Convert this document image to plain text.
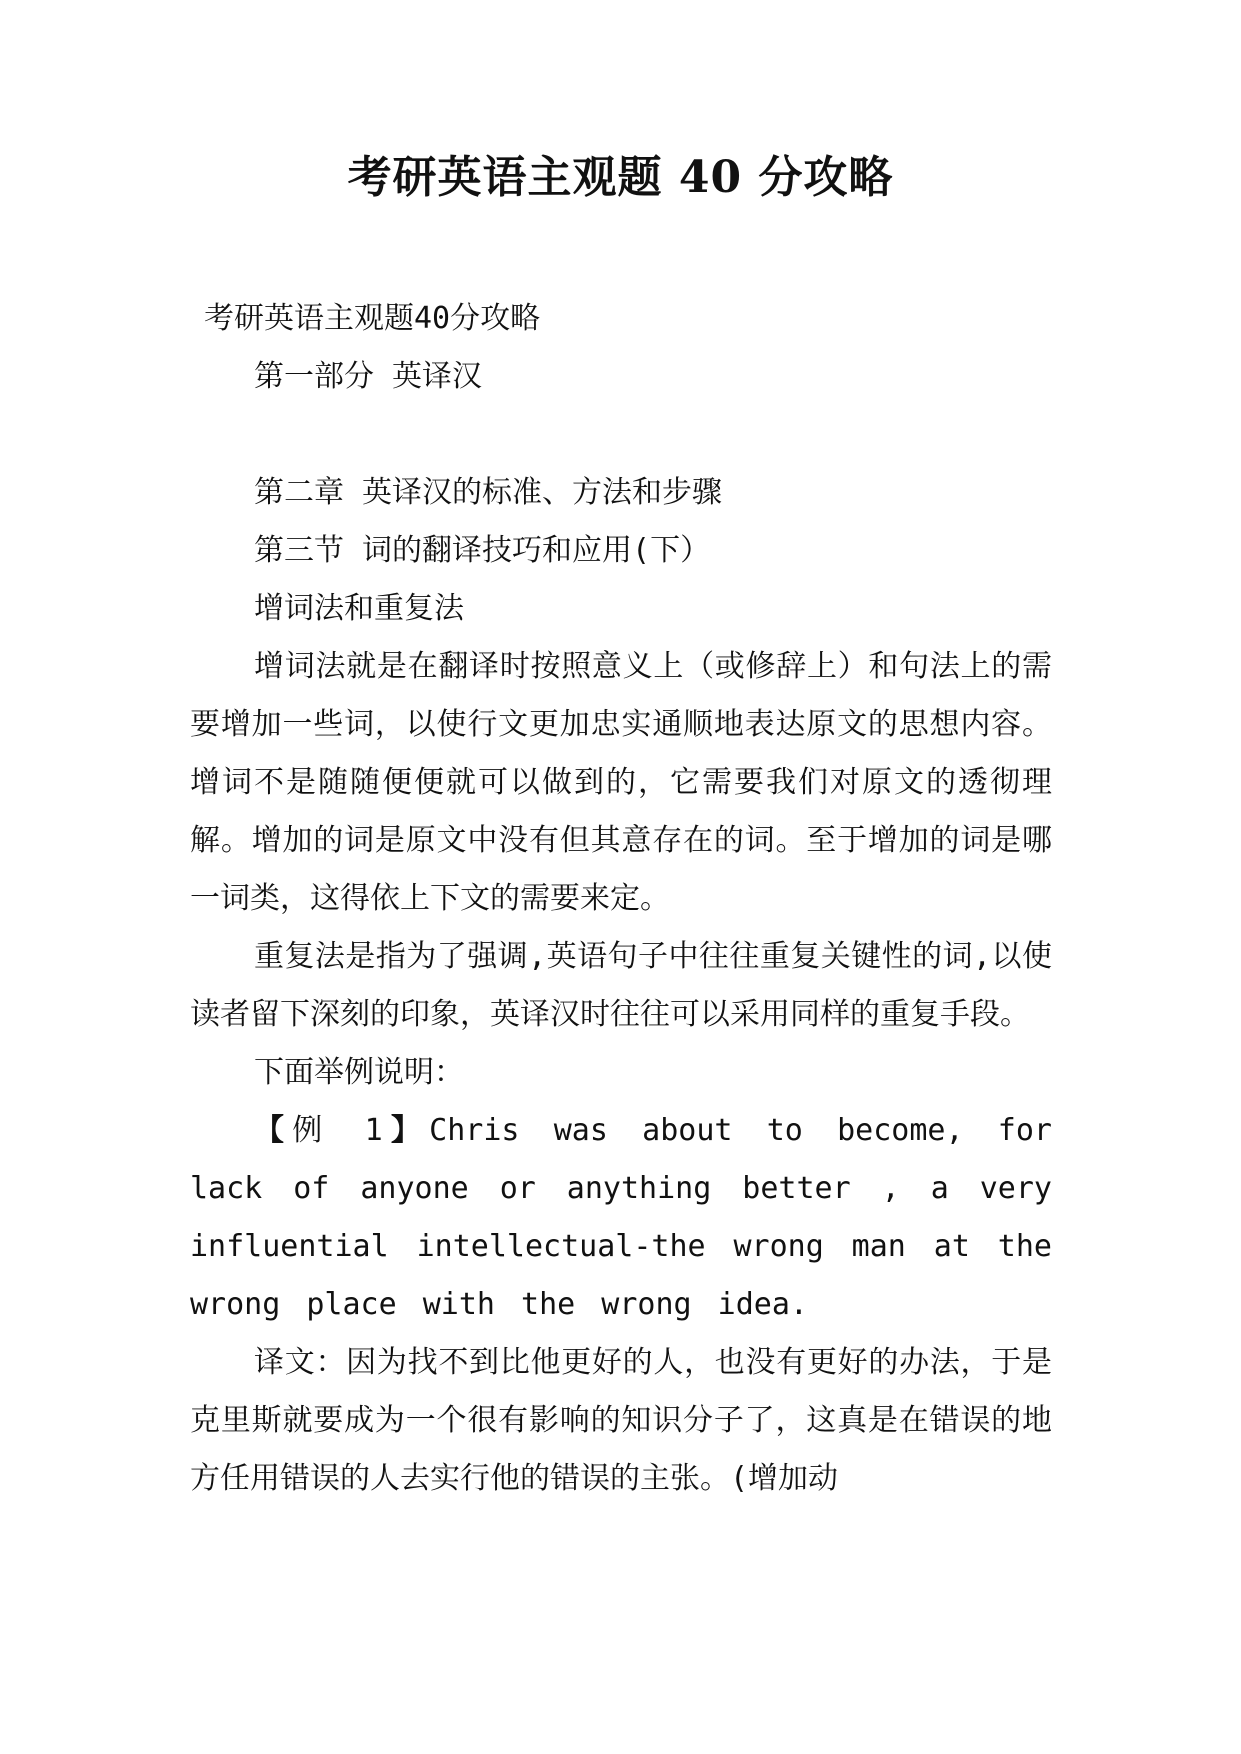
考研英语主观题 40 分攻略
考研英语主观题40分攻略
第一部分 英译汉
第二章 英译汉的标准、方法和步骤
第三节 词的翻译技巧和应用(下）
增词法和重复法

增词法就是在翻译时按照意义上（或修辞上）和句法上的需要增加一些词，以使行文更加忠实通顺地表达原文的思想内容。增词不是随随便便就可以做到的，它需要我们对原文的透彻理解。增加的词是原文中没有但其意存在的词。至于增加的词是哪一词类，这得依上下文的需要来定。

重复法是指为了强调,英语句子中往往重复关键性的词,以使读者留下深刻的印象，英译汉时往往可以采用同样的重复手段。

下面举例说明：

【例 1】Chris was about to become, for lack of anyone or anything better , a very influential intellectual-the wrong man at the wrong place with the wrong idea.

译文：因为找不到比他更好的人，也没有更好的办法，于是克里斯就要成为一个很有影响的知识分子了，这真是在错误的地方任用错误的人去实行他的错误的主张。(增加动
